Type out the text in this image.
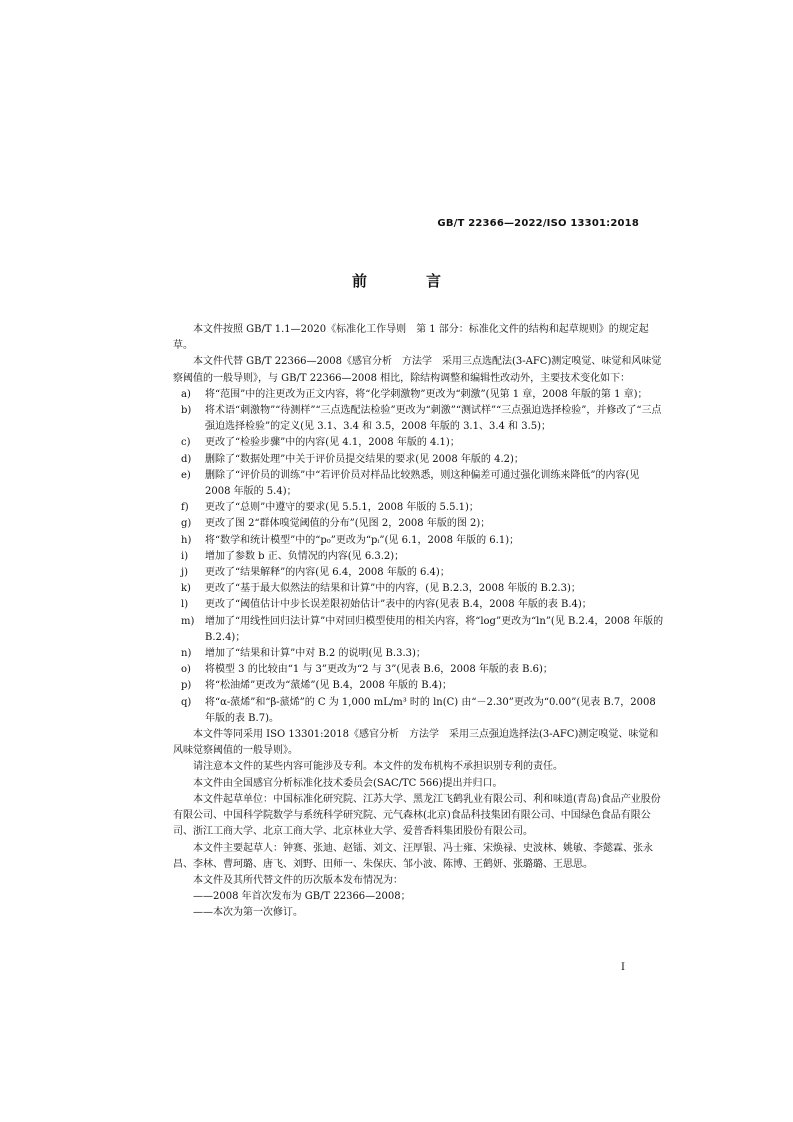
GB/T 22366—2022/ISO 13301:2018
前　言

本文件按照 GB/T 1.1—2020《标准化工作导则　第 1 部分：标准化文件的结构和起草规则》的规定起草。

本文件代替 GB/T 22366—2008《感官分析　方法学　采用三点选配法(3-AFC)测定嗅觉、味觉和风味觉察阈值的一般导则》，与 GB/T 22366—2008 相比，除结构调整和编辑性改动外，主要技术变化如下：

a)	将“范围”中的注更改为正文内容，将“化学刺激物”更改为“刺激”(见第 1 章，2008 年版的第 1 章)；
b)	将术语“刺激物”“待测样”“三点选配法检验”更改为“刺激”“测试样”“三点强迫选择检验”，并修改了“三点强迫选择检验”的定义(见 3.1、3.4 和 3.5，2008 年版的 3.1、3.4 和 3.5)；
c)	更改了“检验步骤”中的内容(见 4.1，2008 年版的 4.1)；
d)	删除了“数据处理”中关于评价员提交结果的要求(见 2008 年版的 4.2)；
e)	删除了“评价员的训练”中“若评价员对样品比较熟悉，则这种偏差可通过强化训练来降低”的内容(见 2008 年版的 5.4)；
f)	更改了“总则”中遵守的要求(见 5.5.1，2008 年版的 5.5.1)；
g)	更改了图 2“群体嗅觉阈值的分布”(见图 2，2008 年版的图 2)；
h)	将“数学和统计模型”中的“p₀”更改为“pᵢ”(见 6.1，2008 年版的 6.1)；
i)	增加了参数 b 正、负情况的内容(见 6.3.2)；
j)	更改了“结果解释”的内容(见 6.4，2008 年版的 6.4)；
k)	更改了“基于最大似然法的结果和计算”中的内容，(见 B.2.3，2008 年版的 B.2.3)；
l)	更改了“阈值估计中步长误差限初始估计”表中的内容(见表 B.4，2008 年版的表 B.4)；
m)	增加了“用线性回归法计算”中对回归模型使用的相关内容，将“log”更改为“ln”(见 B.2.4，2008 年版的 B.2.4)；
n)	增加了“结果和计算”中对 B.2 的说明(见 B.3.3)；
o)	将模型 3 的比较由“1 与 3”更改为“2 与 3”(见表 B.6，2008 年版的表 B.6)；
p)	将“松油烯”更改为“蒎烯”(见 B.4，2008 年版的 B.4)；
q)	将“α-蒎烯”和“β-蒎烯”的 C 为 1,000 mL/m³ 时的 ln(C) 由“－2.30”更改为“0.00”(见表 B.7，2008 年版的表 B.7)。

本文件等同采用 ISO 13301:2018《感官分析　方法学　采用三点强迫选择法(3-AFC)测定嗅觉、味觉和风味觉察阈值的一般导则》。

请注意本文件的某些内容可能涉及专利。本文件的发布机构不承担识别专利的责任。

本文件由全国感官分析标准化技术委员会(SAC/TC 566)提出并归口。

本文件起草单位：中国标准化研究院、江苏大学、黑龙江飞鹤乳业有限公司、利和味道(青岛)食品产业股份有限公司、中国科学院数学与系统科学研究院、元气森林(北京)食品科技集团有限公司、中国绿色食品有限公司、浙江工商大学、北京工商大学、北京林业大学、爱普香料集团股份有限公司。

本文件主要起草人：钟赛、张迪、赵镭、刘文、汪厚银、冯士雍、宋焕禄、史波林、姚敏、李懿霖、张永昌、李林、曹珂璐、唐飞、刘野、田师一、朱保庆、邹小波、陈博、王鹤妍、张璐璐、王思思。

本文件及其所代替文件的历次版本发布情况为：

——2008 年首次发布为 GB/T 22366—2008；

——本次为第一次修订。

I
